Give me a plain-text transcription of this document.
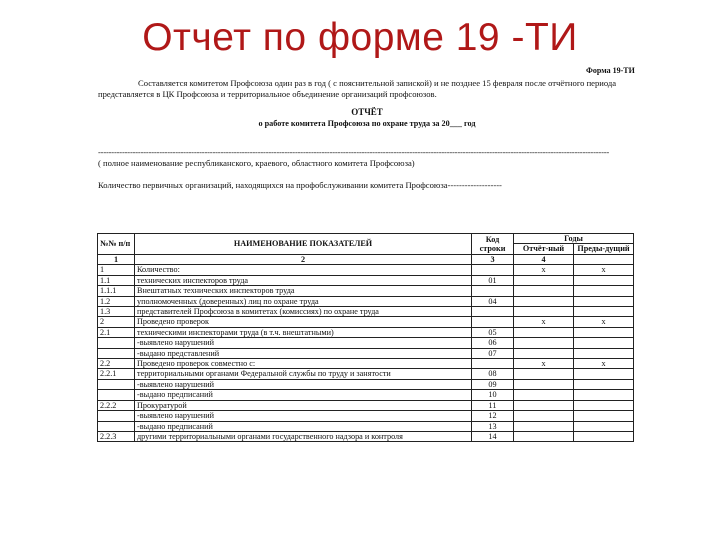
Отчет по форме 19 -ТИ
Форма 19-ТИ

Составляется комитетом Профсоюза один раз в год ( с пояснительной запиской) и не позднее 15 февраля после отчётного периода представляется в ЦК Профсоюза и территориальное объединение организаций профсоюзов.

ОТЧЁТ
о работе комитета Профсоюза по охране труда за 20___ год
------------------------------------------------------------------------------------------------------------------------------------------------------------------------------------------------
( полное наименование республиканского, краевого, областного комитета Профсоюза)
Количество первичных организаций, находящихся на профобслуживании комитета Профсоюза-------------------
№№ п/п	НАИМЕНОВАНИЕ ПОКАЗАТЕЛЕЙ	Код строки	Годы	
			Отчёт-ный	Преды-дущий
1	2	3	4	
1	Количество:		х	х
1.1	технических инспекторов труда	01		
1.1.1	Внештатных технических инспекторов труда			
1.2	уполномоченных (доверенных) лиц по охране труда	04		
1.3	представителей Профсоюза в комитетах (комиссиях) по охране труда			
2	Проведено проверок		х	х
2.1	техническими инспекторами труда (в т.ч. внештатными)	05		
	-выявлено нарушений	06		
	-выдано представлений	07		
2.2	Проведено проверок совместно с:		х	х
2.2.1	территориальными органами Федеральной службы по труду и занятости	08		
	-выявлено нарушений	09		
	-выдано предписаний	10		
2.2.2	Прокуратурой	11		
	-выявлено нарушений	12		
	-выдано предписаний	13		
2.2.3	другими территориальными органами государственного надзора и контроля	14		
